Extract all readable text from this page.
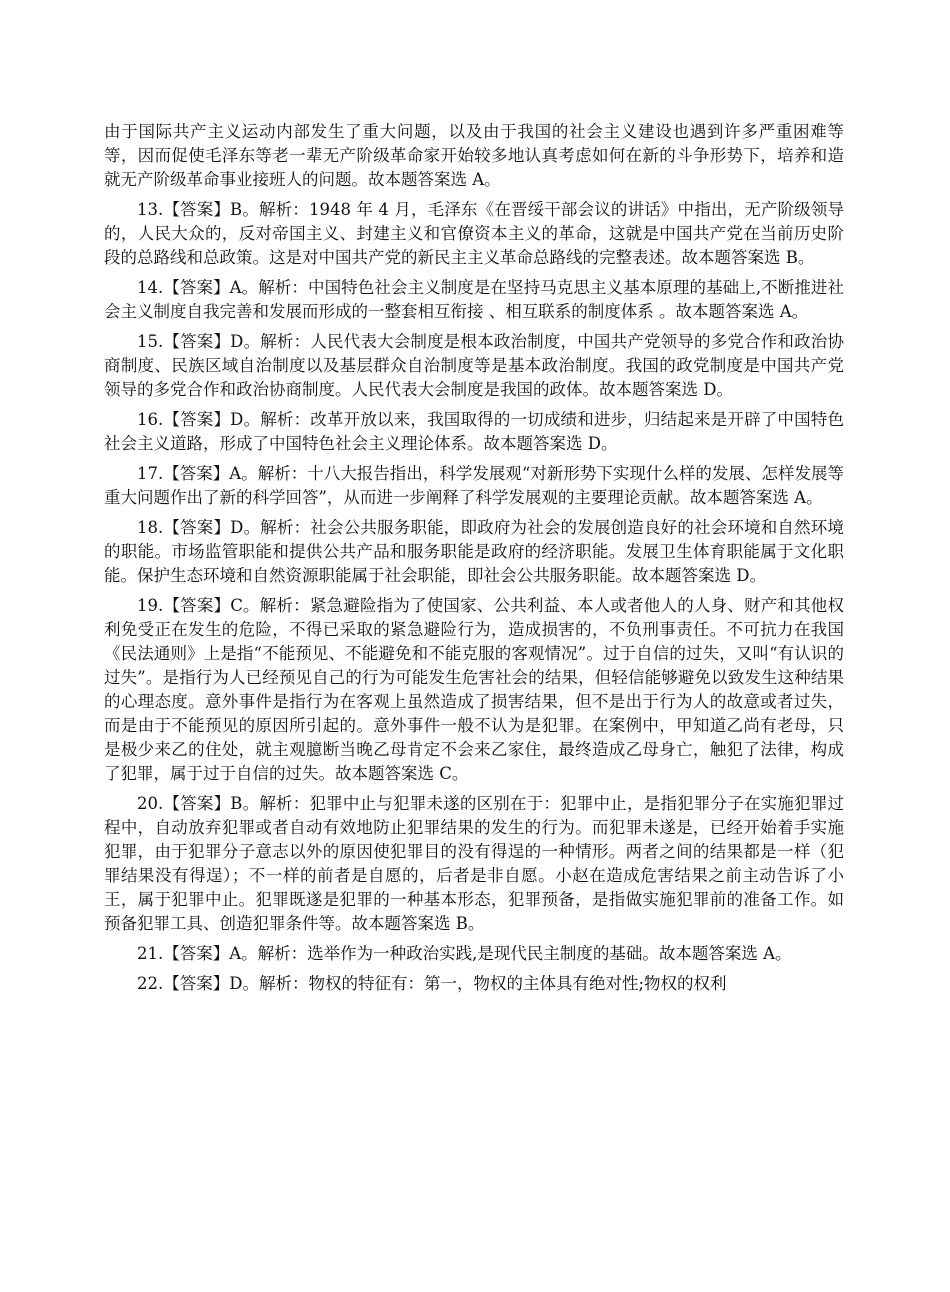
由于国际共产主义运动内部发生了重大问题，以及由于我国的社会主义建设也遇到许多严重困难等等，因而促使毛泽东等老一辈无产阶级革命家开始较多地认真考虑如何在新的斗争形势下，培养和造就无产阶级革命事业接班人的问题。故本题答案选 A。

13.【答案】B。解析：1948 年 4 月，毛泽东《在晋绥干部会议的讲话》中指出，无产阶级领导的，人民大众的，反对帝国主义、封建主义和官僚资本主义的革命，这就是中国共产党在当前历史阶段的总路线和总政策。这是对中国共产党的新民主主义革命总路线的完整表述。故本题答案选 B。

14.【答案】A。解析：中国特色社会主义制度是在坚持马克思主义基本原理的基础上,不断推进社会主义制度自我完善和发展而形成的一整套相互衔接 、相互联系的制度体系 。故本题答案选 A。

15.【答案】D。解析：人民代表大会制度是根本政治制度，中国共产党领导的多党合作和政治协商制度、民族区域自治制度以及基层群众自治制度等是基本政治制度。我国的政党制度是中国共产党领导的多党合作和政治协商制度。人民代表大会制度是我国的政体。故本题答案选 D。

16.【答案】D。解析：改革开放以来，我国取得的一切成绩和进步，归结起来是开辟了中国特色社会主义道路，形成了中国特色社会主义理论体系。故本题答案选 D。

17.【答案】A。解析：十八大报告指出，科学发展观“对新形势下实现什么样的发展、怎样发展等重大问题作出了新的科学回答”，从而进一步阐释了科学发展观的主要理论贡献。故本题答案选 A。

18.【答案】D。解析：社会公共服务职能，即政府为社会的发展创造良好的社会环境和自然环境的职能。市场监管职能和提供公共产品和服务职能是政府的经济职能。发展卫生体育职能属于文化职能。保护生态环境和自然资源职能属于社会职能，即社会公共服务职能。故本题答案选 D。

19.【答案】C。解析：紧急避险指为了使国家、公共利益、本人或者他人的人身、财产和其他权利免受正在发生的危险，不得已采取的紧急避险行为，造成损害的，不负刑事责任。不可抗力在我国《民法通则》上是指“不能预见、不能避免和不能克服的客观情况”。过于自信的过失，又叫“有认识的过失”。是指行为人已经预见自己的行为可能发生危害社会的结果，但轻信能够避免以致发生这种结果的心理态度。意外事件是指行为在客观上虽然造成了损害结果，但不是出于行为人的故意或者过失，而是由于不能预见的原因所引起的。意外事件一般不认为是犯罪。在案例中，甲知道乙尚有老母，只是极少来乙的住处，就主观臆断当晚乙母肯定不会来乙家住，最终造成乙母身亡，触犯了法律，构成了犯罪，属于过于自信的过失。故本题答案选 C。

20.【答案】B。解析：犯罪中止与犯罪未遂的区别在于：犯罪中止，是指犯罪分子在实施犯罪过程中，自动放弃犯罪或者自动有效地防止犯罪结果的发生的行为。而犯罪未遂是，已经开始着手实施犯罪，由于犯罪分子意志以外的原因使犯罪目的没有得逞的一种情形。两者之间的结果都是一样（犯罪结果没有得逞）；不一样的前者是自愿的，后者是非自愿。小赵在造成危害结果之前主动告诉了小王，属于犯罪中止。犯罪既遂是犯罪的一种基本形态，犯罪预备，是指做实施犯罪前的准备工作。如预备犯罪工具、创造犯罪条件等。故本题答案选 B。

21.【答案】A。解析：选举作为一种政治实践,是现代民主制度的基础。故本题答案选 A。

22.【答案】D。解析：物权的特征有：第一，物权的主体具有绝对性;物权的权利
